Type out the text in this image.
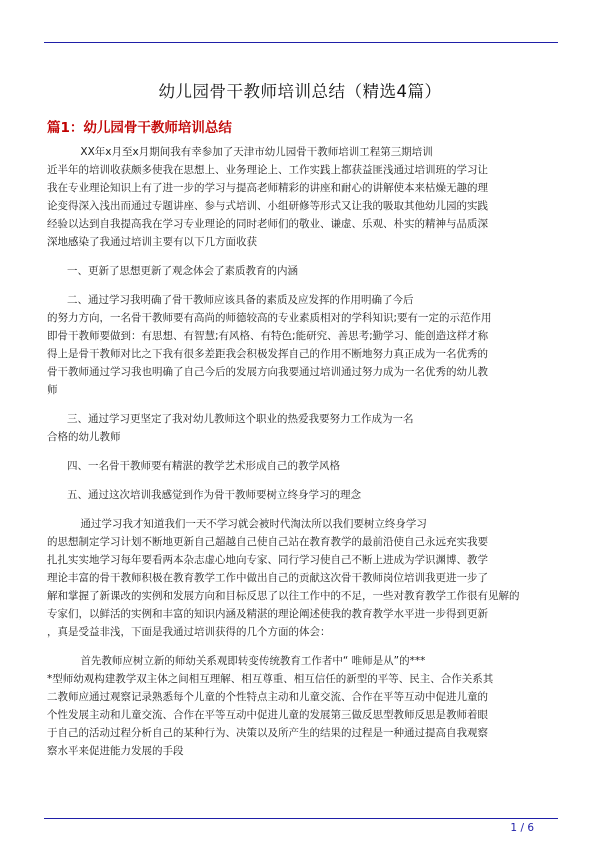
幼儿园骨干教师培训总结（精选4篇）
篇1：幼儿园骨干教师培训总结

XX年x月至x月期间我有幸参加了天津市幼儿园骨干教师培训工程第三期培训

近半年的培训收获颇多使我在思想上、业务理论上、工作实践上都获益匪浅通过培训班的学习让

我在专业理论知识上有了进一步的学习与提高老师精彩的讲座和耐心的讲解使本来枯燥无趣的理

论变得深入浅出而通过专题讲座、参与式培训、小组研修等形式又让我的吸取其他幼儿园的实践

经验以达到自我提高我在学习专业理论的同时老师们的敬业、谦虚、乐观、朴实的精神与品质深

深地感染了我通过培训主要有以下几方面收获

一、更新了思想更新了观念体会了素质教育的内涵

二、通过学习我明确了骨干教师应该具备的素质及应发挥的作用明确了今后

的努力方向，一名骨干教师要有高尚的师德较高的专业素质相对的学科知识;要有一定的示范作用

即骨干教师要做到：有思想、有智慧;有风格、有特色;能研究、善思考;勤学习、能创造这样才称

得上是骨干教师对比之下我有很多差距我会积极发挥自己的作用不断地努力真正成为一名优秀的

骨干教师通过学习我也明确了自己今后的发展方向我要通过培训通过努力成为一名优秀的幼儿教

师

三、通过学习更坚定了我对幼儿教师这个职业的热爱我要努力工作成为一名

合格的幼儿教师

四、一名骨干教师要有精湛的教学艺术形成自己的教学风格

五、通过这次培训我感觉到作为骨干教师要树立终身学习的理念

通过学习我才知道我们一天不学习就会被时代淘汰所以我们要树立终身学习

的思想制定学习计划不断地更新自己超越自己使自己站在教育教学的最前沿使自己永远充实我要

扎扎实实地学习每年要看两本杂志虚心地向专家、同行学习使自己不断上进成为学识渊博、教学

理论丰富的骨干教师积极在教育教学工作中做出自己的贡献这次骨干教师岗位培训我更进一步了

解和掌握了新课改的实例和发展方向和目标反思了以往工作中的不足，一些对教育教学工作很有见解的

专家们，以鲜活的实例和丰富的知识内涵及精湛的理论阐述使我的教育教学水平进一步得到更新

，真是受益非浅，下面是我通过培训获得的几个方面的体会：

首先教师应树立新的师幼关系观即转变传统教育工作者中“ 唯师是从”的***

*型师幼观构建教学双主体之间相互理解、相互尊重、相互信任的新型的平等、民主、合作关系其

二教师应通过观察记录熟悉每个儿童的个性特点主动和儿童交流、合作在平等互动中促进儿童的

个性发展主动和儿童交流、合作在平等互动中促进儿童的发展第三做反思型教师反思是教师着眼

于自己的活动过程分析自己的某种行为、决策以及所产生的结果的过程是一种通过提高自我观察

察水平来促进能力发展的手段

1 / 6
